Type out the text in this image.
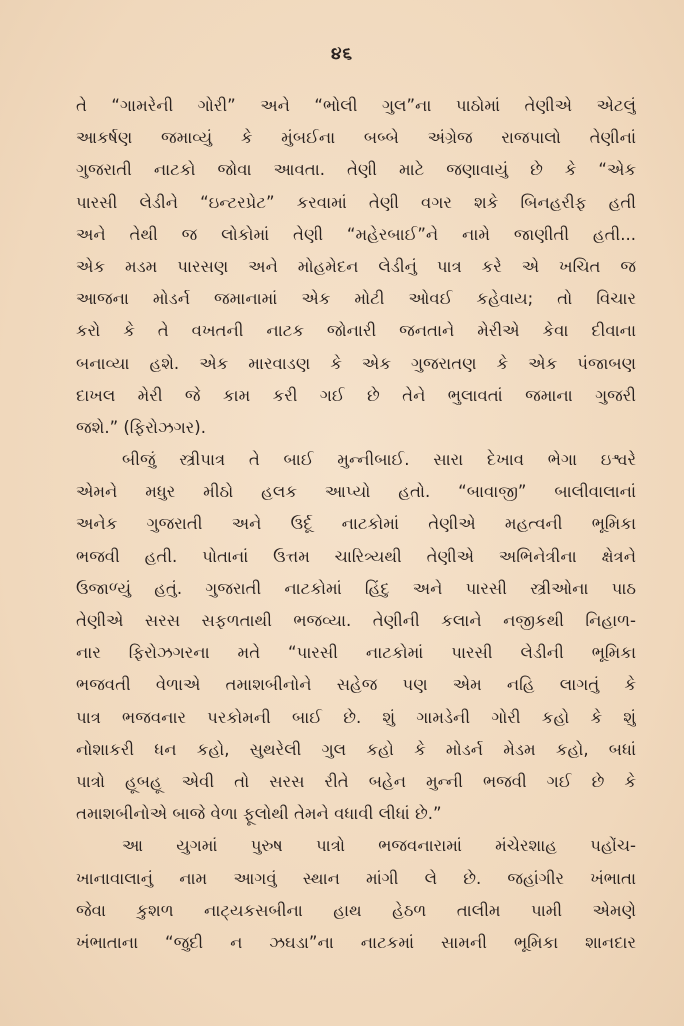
૪૬
તે “ગામરેની ગોરી” અને “ભોલી ગુલ”ના પાઠોમાં તેણીએ એટલું
આકર્ષણ જમાવ્યું કે મુંબઈના બબ્બે અંગ્રેજ રાજપાલો તેણીનાં
ગુજરાતી નાટકો જોવા આવતા. તેણી માટે જણાવાયું છે કે “એક
પારસી લેડીને “ઇન્ટરપ્રેટ” કરવામાં તેણી વગર શકે બિનહરીફ હતી
અને તેથી જ લોકોમાં તેણી “મહેરબાઈ”ને નામે જાણીતી હતી...
એક મડમ પારસણ અને મોહમેદન લેડીનું પાત્ર કરે એ ખચિત જ
આજના મોડર્ન જમાનામાં એક મોટી ઓવઈ કહેવાય; તો વિચાર
કરો કે તે વખતની નાટક જોનારી જનતાને મેરીએ કેવા દીવાના
બનાવ્યા હશે. એક મારવાડણ કે એક ગુજરાતણ કે એક પંજાબણ
દાખલ મેરી જે કામ કરી ગઈ છે તેને ભુલાવતાં જમાના ગુજરી
જશે.” (ફિરોઝગર).
બીજું સ્ત્રીપાત્ર તે બાઈ મુન્નીબાઈ. સારા દેખાવ ભેગા ઇશ્વરે
એમને મધુર મીઠો હલક આપ્યો હતો. “બાવાજી” બાલીવાલાનાં
અનેક ગુજરાતી અને ઉર્દૂ નાટકોમાં તેણીએ મહત્વની ભૂમિકા
ભજવી હતી. પોતાનાં ઉત્તમ ચારિત્ર્યથી તેણીએ અભિનેત્રીના ક્ષેત્રને
ઉજાળ્યું હતું. ગુજરાતી નાટકોમાં હિંદુ અને પારસી સ્ત્રીઓના પાઠ
તેણીએ સરસ સફળતાથી ભજવ્યા. તેણીની કલાને નજીકથી નિહાળ-
નાર ફિરોઝગરના મતે “પારસી નાટકોમાં પારસી લેડીની ભૂમિકા
ભજવતી વેળાએ તમાશબીનોને સહેજ પણ એમ નહિ લાગતું કે
પાત્ર ભજવનાર પરકોમની બાઈ છે. શું ગામડેની ગોરી કહો કે શું
નોશાકરી ધન કહો, સુથરેલી ગુલ કહો કે મોડર્ન મેડમ કહો, બધાં
પાત્રો હૂબહૂ એવી તો સરસ રીતે બહેન મુન્ની ભજવી ગઈ છે કે
તમાશબીનોએ બાજે વેળા ફૂલોથી તેમને વધાવી લીધાં છે.”
આ યુગમાં પુરુષ પાત્રો ભજવનારામાં મંચેરશાહ પહોંચ-
ખાનાવાલાનું નામ આગવું સ્થાન માંગી લે છે. જહાંગીર ખંભાતા
જેવા કુશળ નાટ્યકસબીના હાથ હેઠળ તાલીમ પામી એમણે
ખંભાતાના “જુદી ન ઝઘડા”ના નાટકમાં સામની ભૂમિકા શાનદાર
